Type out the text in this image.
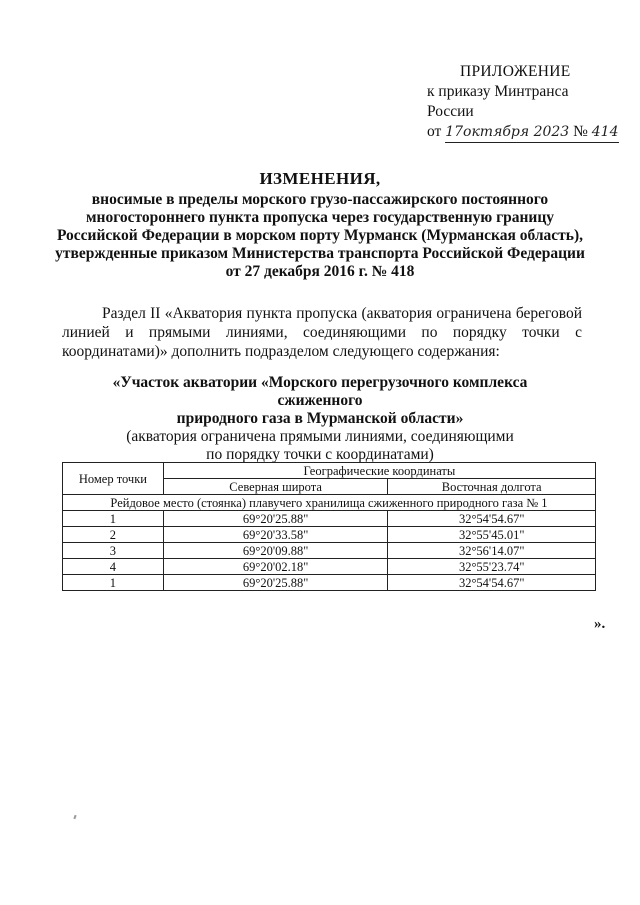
ПРИЛОЖЕНИЕ
к приказу Минтранса России
от 17октября 2023 № 414
ИЗМЕНЕНИЯ,
вносимые в пределы морского грузо-пассажирского постоянного
многостороннего пункта пропуска через государственную границу
Российской Федерации в морском порту Мурманск (Мурманская область),
утвержденные приказом Министерства транспорта Российской Федерации
от 27 декабря 2016 г. № 418
Раздел II «Акватория пункта пропуска (акватория ограничена береговой линией и прямыми линиями, соединяющими по порядку точки с координатами)» дополнить подразделом следующего содержания:
«Участок акватории «Морского перегрузочного комплекса сжиженного
природного газа в Мурманской области»
(акватория ограничена прямыми линиями, соединяющими
по порядку точки с координатами)
Номер точки	Географические координаты	
	Северная широта	Восточная долгота
Рейдовое место (стоянка) плавучего хранилища сжиженного природного газа № 1		
1	69°20'25.88"	32°54'54.67"
2	69°20'33.58"	32°55'45.01"
3	69°20'09.88"	32°56'14.07"
4	69°20'02.18"	32°55'23.74"
1	69°20'25.88"	32°54'54.67"
».
